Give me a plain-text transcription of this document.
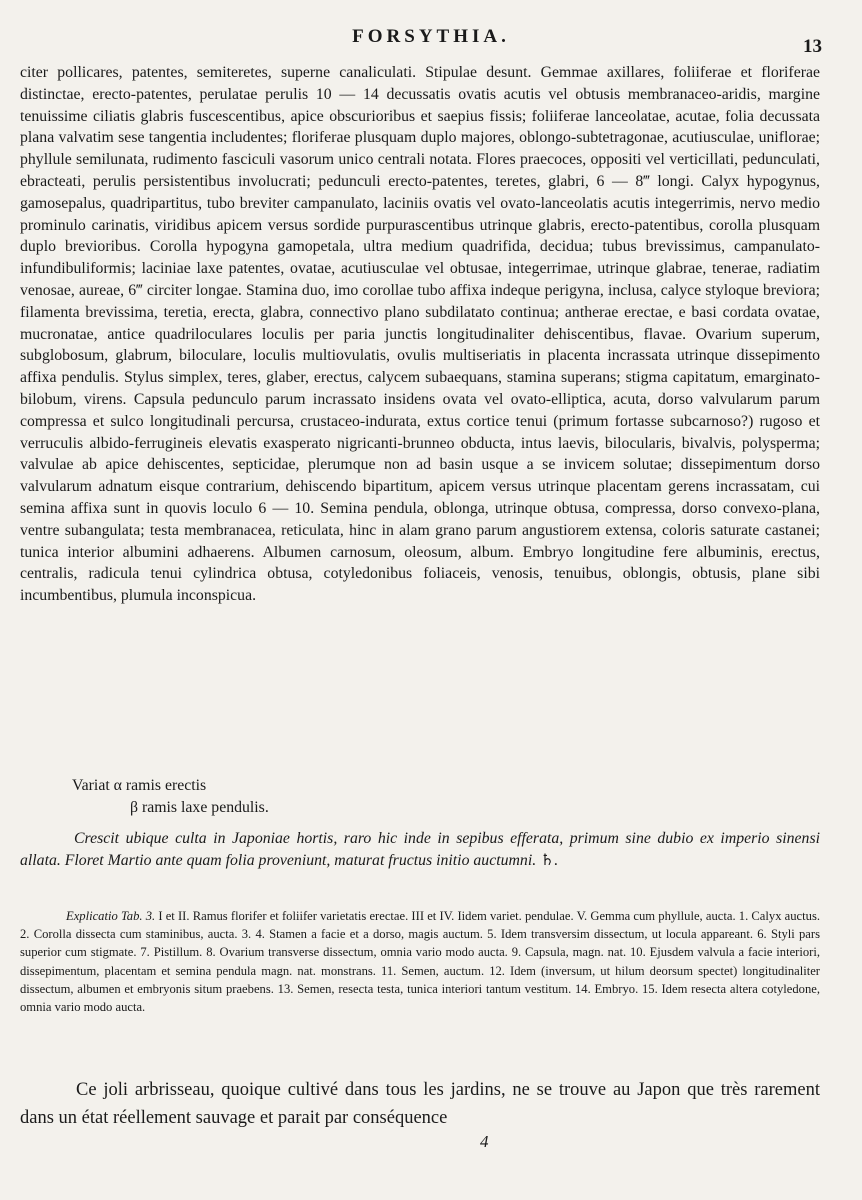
FORSYTHIA.	13

citer pollicares, patentes, semiteretes, superne canaliculati. Stipulae desunt. Gemmae axillares, foliiferae et floriferae distinctae, erecto-patentes, perulatae perulis 10 — 14 decussatis ovatis acutis vel obtusis membranaceo-aridis, margine tenuissime ciliatis glabris fuscescentibus, apice obscurioribus et saepius fissis; foliiferae lanceolatae, acutae, folia decussata plana valvatim sese tangentia includentes; floriferae plusquam duplo majores, oblongo-subtetragonae, acutiusculae, uniflorae; phyllule semilunata, rudimento fasciculi vasorum unico centrali notata. Flores praecoces, oppositi vel verticillati, pedunculati, ebracteati, perulis persistentibus involucrati; pedunculi erecto-patentes, teretes, glabri, 6 — 8‴ longi. Calyx hypogynus, gamosepalus, quadripartitus, tubo breviter campanulato, laciniis ovatis vel ovato-lanceolatis acutis integerrimis, nervo medio prominulo carinatis, viridibus apicem versus sordide purpurascentibus utrinque glabris, erecto-patentibus, corolla plusquam duplo brevioribus. Corolla hypogyna gamopetala, ultra medium quadrifida, decidua; tubus brevissimus, campanulato-infundibuliformis; laciniae laxe patentes, ovatae, acutiusculae vel obtusae, integerrimae, utrinque glabrae, tenerae, radiatim venosae, aureae, 6‴ circiter longae. Stamina duo, imo corollae tubo affixa indeque perigyna, inclusa, calyce styloque breviora; filamenta brevissima, teretia, erecta, glabra, connectivo plano subdilatato continua; antherae erectae, e basi cordata ovatae, mucronatae, antice quadriloculares loculis per paria junctis longitudinaliter dehiscentibus, flavae. Ovarium superum, subglobosum, glabrum, biloculare, loculis multiovulatis, ovulis multiseriatis in placenta incrassata utrinque dissepimento affixa pendulis. Stylus simplex, teres, glaber, erectus, calycem subaequans, stamina superans; stigma capitatum, emarginato-bilobum, virens. Capsula pedunculo parum incrassato insidens ovata vel ovato-elliptica, acuta, dorso valvularum parum compressa et sulco longitudinali percursa, crustaceo-indurata, extus cortice tenui (primum fortasse subcarnoso?) rugoso et verruculis albido-ferrugineis elevatis exasperato nigricanti-brunneo obducta, intus laevis, bilocularis, bivalvis, polysperma; valvulae ab apice dehiscentes, septicidae, plerumque non ad basin usque a se invicem solutae; dissepimentum dorso valvularum adnatum eisque contrarium, dehiscendo bipartitum, apicem versus utrinque placentam gerens incrassatam, cui semina affixa sunt in quovis loculo 6 — 10. Semina pendula, oblonga, utrinque obtusa, compressa, dorso convexo-plana, ventre subangulata; testa membranacea, reticulata, hinc in alam grano parum angustiorem extensa, coloris saturate castanei; tunica interior albumini adhaerens. Albumen carnosum, oleosum, album. Embryo longitudine fere albuminis, erectus, centralis, radicula tenui cylindrica obtusa, cotyledonibus foliaceis, venosis, tenuibus, oblongis, obtusis, plane sibi incumbentibus, plumula inconspicua.

Variat α ramis erectis
β ramis laxe pendulis.
Crescit ubique culta in Japoniae hortis, raro hic inde in sepibus efferata, primum sine dubio ex imperio sinensi allata. Floret Martio ante quam folia proveniunt, maturat fructus initio auctumni. ♄.
Explicatio Tab. 3. I et II. Ramus florifer et foliifer varietatis erectae. III et IV. Iidem variet. pendulae. V. Gemma cum phyllule, aucta. 1. Calyx auctus. 2. Corolla dissecta cum staminibus, aucta. 3. 4. Stamen a facie et a dorso, magis auctum. 5. Idem transversim dissectum, ut locula appareant. 6. Styli pars superior cum stigmate. 7. Pistillum. 8. Ovarium transverse dissectum, omnia vario modo aucta. 9. Capsula, magn. nat. 10. Ejusdem valvula a facie interiori, dissepimentum, placentam et semina pendula magn. nat. monstrans. 11. Semen, auctum. 12. Idem (inversum, ut hilum deorsum spectet) longitudinaliter dissectum, albumen et embryonis situm praebens. 13. Semen, resecta testa, tunica interiori tantum vestitum. 14. Embryo. 15. Idem resecta altera cotyledone, omnia vario modo aucta.
Ce joli arbrisseau, quoique cultivé dans tous les jardins, ne se trouve au Japon que très rarement dans un état réellement sauvage et parait par conséquence
4
